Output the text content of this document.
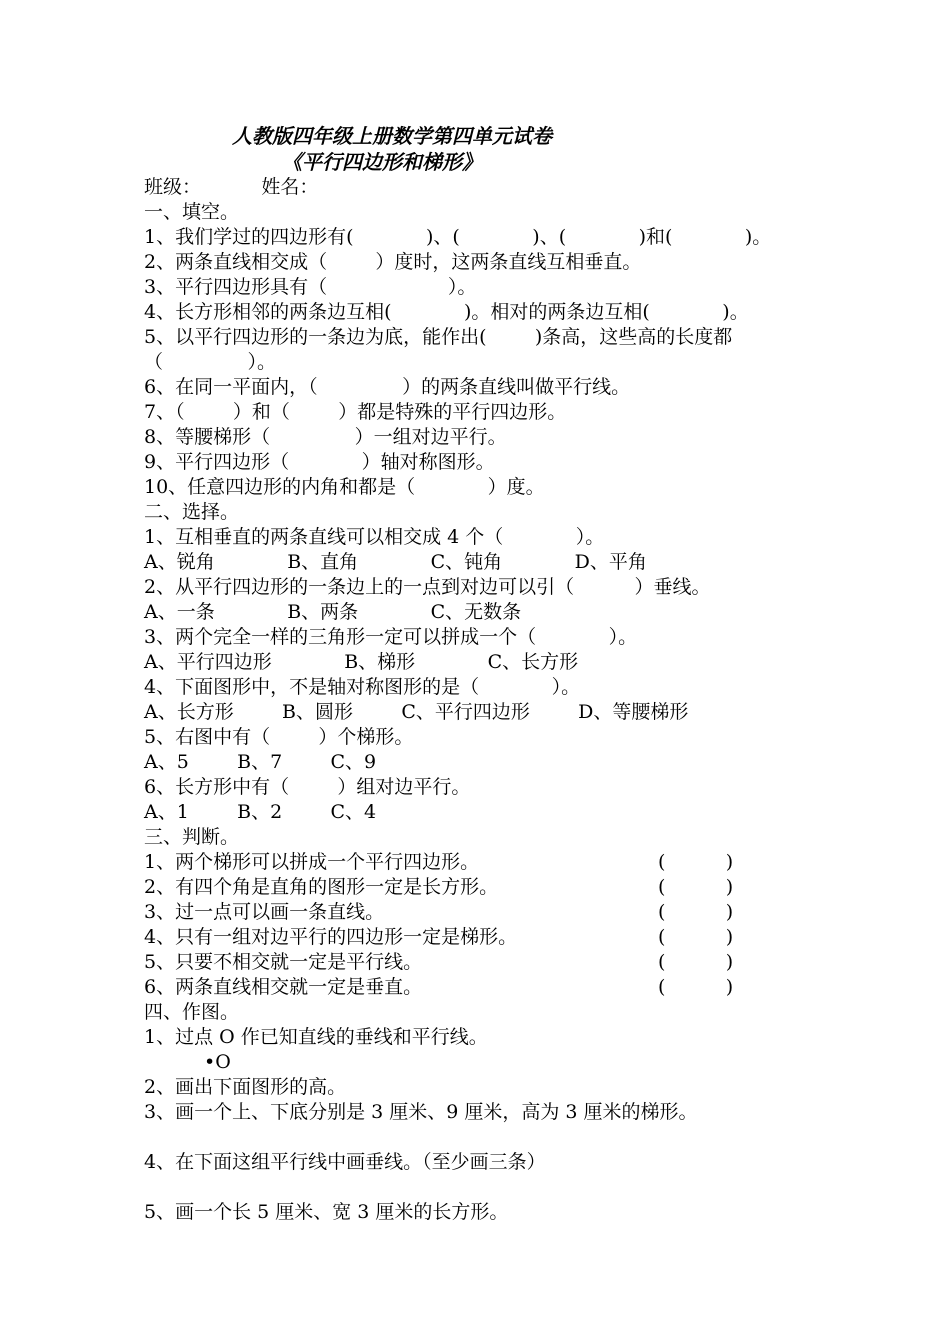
人教版四年级上册数学第四单元试卷
《平行四边形和梯形》
班级：          姓名：
一、填空。
1、我们学过的四边形有(            )、(            )、(            )和(            )。
2、两条直线相交成（        ）度时，这两条直线互相垂直。
3、平行四边形具有（                    ）。
4、长方形相邻的两条边互相(            )。相对的两条边互相(            )。
5、以平行四边形的一条边为底，能作出(        )条高，这些高的长度都
（              ）。
6、在同一平面内，（              ）的两条直线叫做平行线。
7、（        ）和（        ）都是特殊的平行四边形。
8、等腰梯形（              ）一组对边平行。
9、平行四边形（            ）轴对称图形。
10、任意四边形的内角和都是（            ）度。
二、选择。
1、互相垂直的两条直线可以相交成 4 个（            ）。
A、锐角            B、直角            C、钝角            D、平角
2、从平行四边形的一条边上的一点到对边可以引（          ）垂线。
A、一条            B、两条            C、无数条
3、两个完全一样的三角形一定可以拼成一个（            ）。
A、平行四边形            B、梯形            C、长方形
4、下面图形中，不是轴对称图形的是（            ）。
A、长方形        B、圆形        C、平行四边形        D、等腰梯形
5、右图中有（        ）个梯形。
A、5        B、7        C、9
6、长方形中有（        ）组对边平行。
A、1        B、2        C、4
三、判断。
1、两个梯形可以拼成一个平行四边形。	(          )
2、有四个角是直角的图形一定是长方形。	(          )
3、过一点可以画一条直线。	(          )
4、只有一组对边平行的四边形一定是梯形。	(          )
5、只要不相交就一定是平行线。	(          )
6、两条直线相交就一定是垂直。	(          )
四、作图。
1、过点 O 作已知直线的垂线和平行线。
•O
2、画出下面图形的高。
3、画一个上、下底分别是 3 厘米、9 厘米，高为 3 厘米的梯形。
4、在下面这组平行线中画垂线。（至少画三条）
5、画一个长 5 厘米、宽 3 厘米的长方形。
